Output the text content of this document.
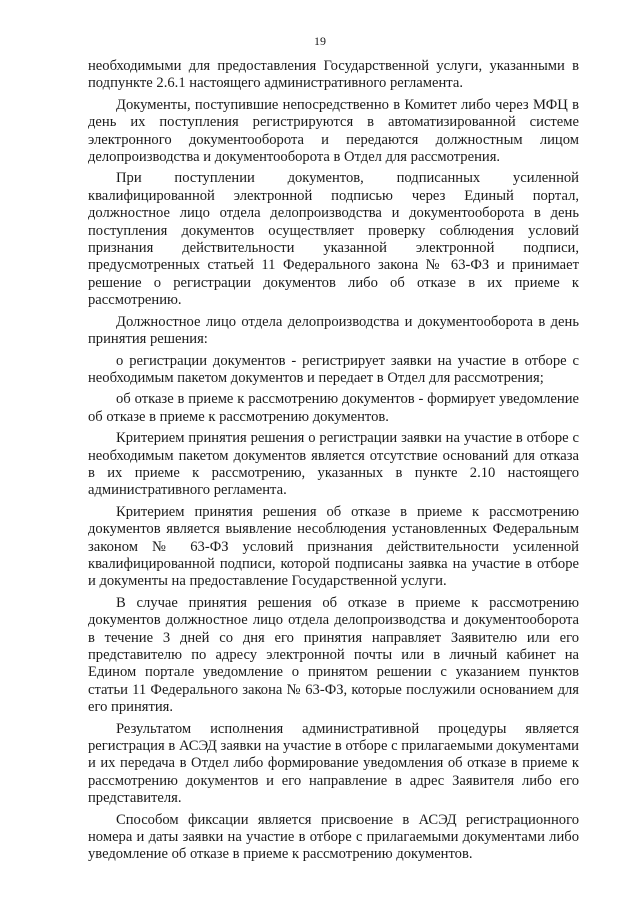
19

необходимыми для предоставления Государственной услуги, указанными в подпункте 2.6.1 настоящего административного регламента.

Документы, поступившие непосредственно в Комитет либо через МФЦ в день их поступления регистрируются в автоматизированной системе электронного документооборота и передаются должностным лицом делопроизводства и документооборота в Отдел для рассмотрения.

При поступлении документов, подписанных усиленной квалифицированной электронной подписью через Единый портал, должностное лицо отдела делопроизводства и документооборота в день поступления документов осуществляет проверку соблюдения условий признания действительности указанной электронной подписи, предусмотренных статьей 11 Федерального закона № 63-ФЗ и принимает решение о регистрации документов либо об отказе в их приеме к рассмотрению.

Должностное лицо отдела делопроизводства и документооборота в день принятия решения:

о регистрации документов - регистрирует заявки на участие в отборе с необходимым пакетом документов и передает в Отдел для рассмотрения;

об отказе в приеме к рассмотрению документов - формирует уведомление об отказе в приеме к рассмотрению документов.

Критерием принятия решения о регистрации заявки на участие в отборе с необходимым пакетом документов является отсутствие оснований для отказа в их приеме к рассмотрению, указанных в пункте 2.10 настоящего административного регламента.

Критерием принятия решения об отказе в приеме к рассмотрению документов является выявление несоблюдения установленных Федеральным законом № 63-ФЗ условий признания действительности усиленной квалифицированной подписи, которой подписаны заявка на участие в отборе и документы на предоставление Государственной услуги.

В случае принятия решения об отказе в приеме к рассмотрению документов должностное лицо отдела делопроизводства и документооборота в течение 3 дней со дня его принятия направляет Заявителю или его представителю по адресу электронной почты или в личный кабинет на Едином портале уведомление о принятом решении с указанием пунктов статьи 11 Федерального закона № 63-ФЗ, которые послужили основанием для его принятия.

Результатом исполнения административной процедуры является регистрация в АСЭД заявки на участие в отборе с прилагаемыми документами и их передача в Отдел либо формирование уведомления об отказе в приеме к рассмотрению документов и его направление в адрес Заявителя либо его представителя.

Способом фиксации является присвоение в АСЭД регистрационного номера и даты заявки на участие в отборе с прилагаемыми документами либо уведомление об отказе в приеме к рассмотрению документов.
